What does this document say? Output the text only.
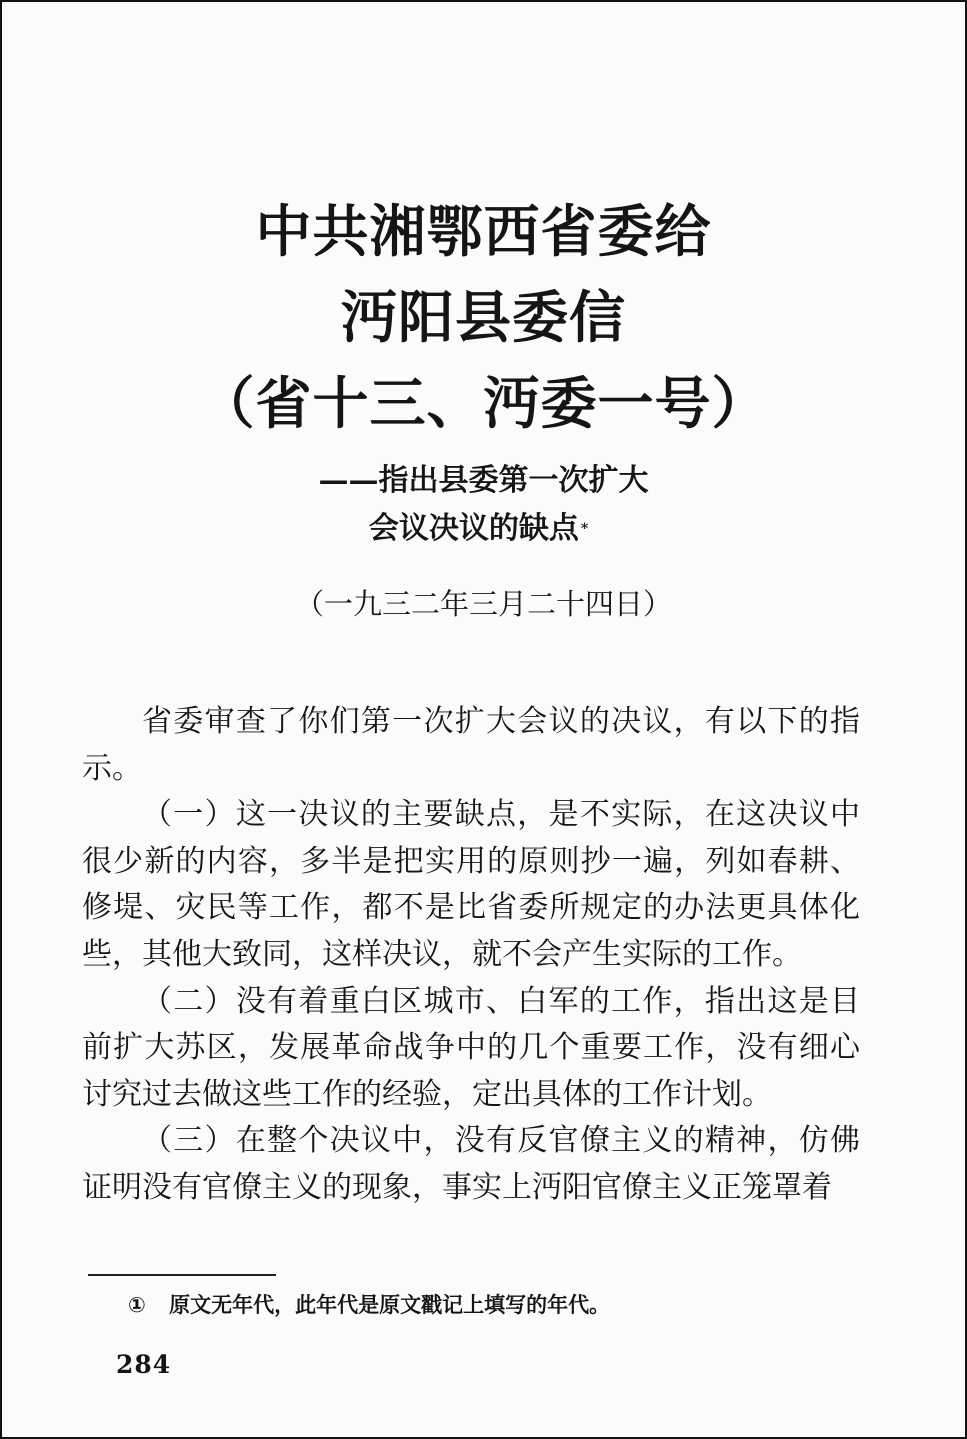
中共湘鄂西省委给
沔阳县委信
（省十三、沔委一号）
——指出县委第一次扩大
会议决议的缺点 *
（一九三二年三月二十四日）

省委审查了你们第一次扩大会议的决议，有以下的指示。

（一）这一决议的主要缺点，是不实际，在这决议中很少新的内容，多半是把实用的原则抄一遍，列如春耕、修堤、灾民等工作，都不是比省委所规定的办法更具体化些，其他大致同，这样决议，就不会产生实际的工作。

（二）没有着重白区城市、白军的工作，指出这是目前扩大苏区，发展革命战争中的几个重要工作，没有细心讨究过去做这些工作的经验，定出具体的工作计划。

（三）在整个决议中，没有反官僚主义的精神，仿佛证明没有官僚主义的现象，事实上沔阳官僚主义正笼罩着

① 原文无年代，此年代是原文戳记上填写的年代。
284
